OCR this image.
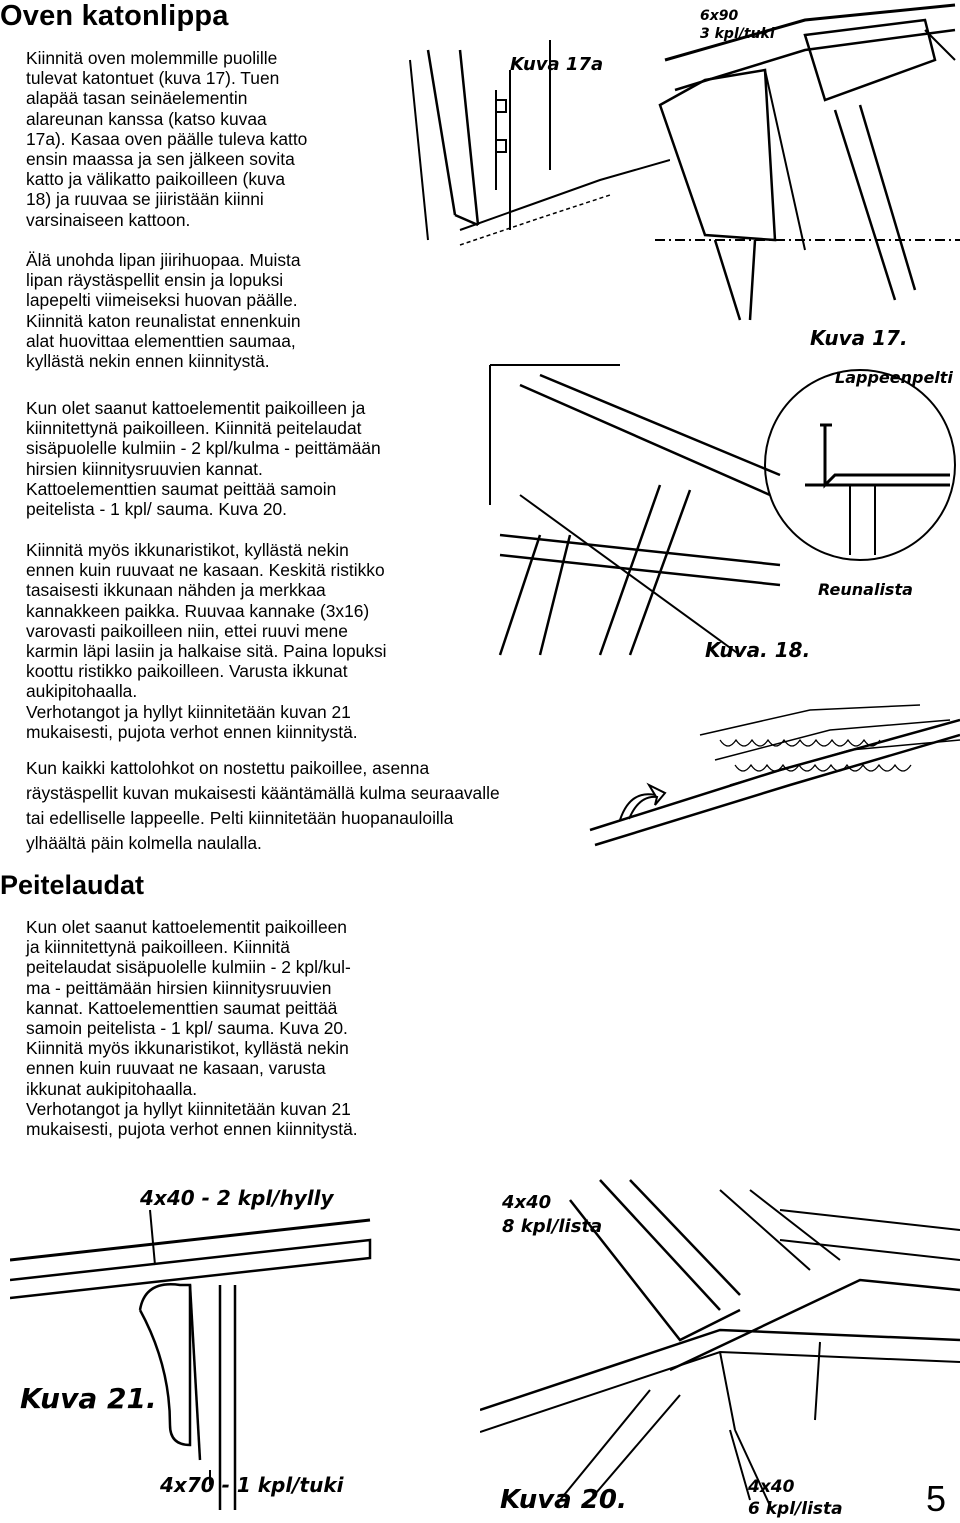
Oven katonlippa
Peitelaudat
Kiinnitä oven molemmille puolille
tulevat katontuet (kuva 17). Tuen
alapää tasan seinäelementin
alareunan kanssa (katso kuvaa
17a). Kasaa oven päälle tuleva katto
ensin maassa ja sen jälkeen sovita
katto ja välikatto paikoilleen (kuva
18) ja ruuvaa se jiiristään kiinni
varsinaiseen kattoon.
Älä unohda lipan jiirihuopaa. Muista
lipan räystäspellit ensin ja lopuksi
lapepelti viimeiseksi huovan päälle.
Kiinnitä katon reunalistat ennenkuin
alat huovittaa elementtien saumaa,
kyllästä nekin ennen kiinnitystä.
Kun olet saanut kattoelementit paikoilleen ja
kiinnitettynä paikoilleen. Kiinnitä peitelaudat
sisäpuolelle kulmiin - 2 kpl/kulma - peittämään
hirsien kiinnitysruuvien kannat.
Kattoelementtien saumat peittää samoin
peitelista - 1 kpl/ sauma. Kuva 20.
Kiinnitä myös ikkunaristikot, kyllästä nekin
ennen kuin ruuvaat ne kasaan. Keskitä ristikko
tasaisesti ikkunaan nähden ja merkkaa
kannakkeen paikka. Ruuvaa kannake (3x16)
varovasti paikoilleen niin, ettei ruuvi mene
karmin läpi lasiin ja halkaise sitä. Paina lopuksi
koottu ristikko paikoilleen. Varusta ikkunat
aukipitohaalla.
Verhotangot ja hyllyt kiinnitetään kuvan 21
mukaisesti, pujota verhot ennen kiinnitystä.
Kun kaikki kattolohkot on nostettu paikoillee, asenna
räystäspellit kuvan mukaisesti kääntämällä kulma seuraavalle
tai edelliselle lappeelle. Pelti kiinnitetään huopanauloilla
ylhäältä päin kolmella naulalla.
Kun olet saanut kattoelementit paikoilleen
ja kiinnitettynä paikoilleen. Kiinnitä
peitelaudat sisäpuolelle kulmiin - 2 kpl/kul-
ma - peittämään hirsien kiinnitysruuvien
kannat. Kattoelementtien saumat peittää
samoin peitelista - 1 kpl/ sauma. Kuva 20.
Kiinnitä myös ikkunaristikot, kyllästä nekin
ennen kuin ruuvaat ne kasaan, varusta
ikkunat aukipitohaalla.
Verhotangot ja hyllyt kiinnitetään kuvan 21
mukaisesti, pujota verhot ennen kiinnitystä.
Kuva 17a
6x90
3 kpl/tuki
Kuva 17.
Lappeenpelti
Reunalista
Kuva. 18.
4x40 - 2 kpl/hylly
Kuva 21.
4x70 - 1 kpl/tuki
4x40
8 kpl/lista
Kuva 20.	4x40
6 kpl/lista 5
